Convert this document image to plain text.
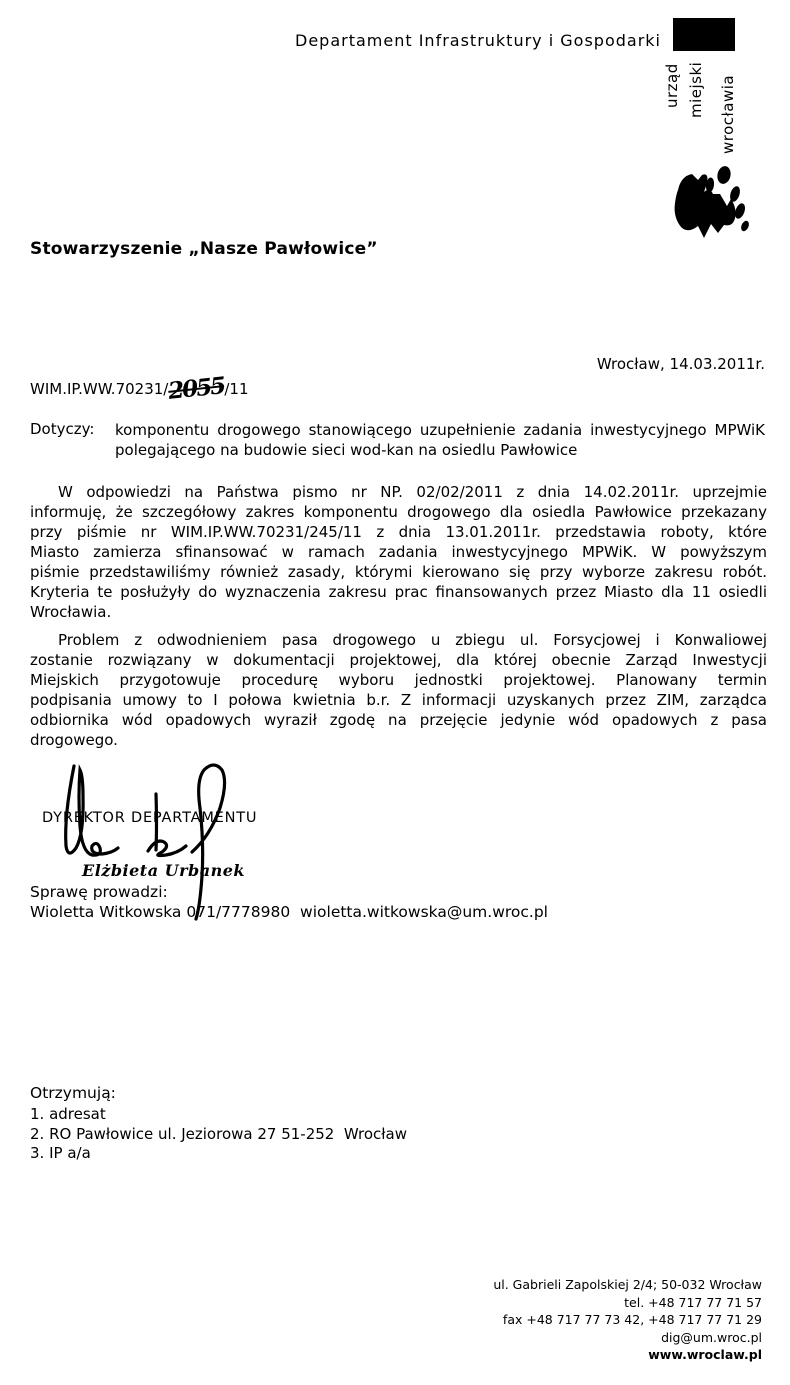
Departament Infrastruktury i Gospodarki
urząd miejski wrocławia
Stowarzyszenie „Nasze Pawłowice”
Wrocław, 14.03.2011r.
WIM.IP.WW.70231/2055/11
Dotyczy: komponentu drogowego stanowiącego uzupełnienie zadania inwestycyjnego MPWiK
polegającego na budowie sieci wod-kan na osiedlu Pawłowice
W odpowiedzi na Państwa pismo nr NP. 02/02/2011 z dnia 14.02.2011r. uprzejmie
informuję, że szczegółowy zakres komponentu drogowego dla osiedla Pawłowice przekazany
przy piśmie nr WIM.IP.WW.70231/245/11 z dnia 13.01.2011r. przedstawia roboty, które
Miasto zamierza sfinansować w ramach zadania inwestycyjnego MPWiK. W powyższym
piśmie przedstawiliśmy również zasady, którymi kierowano się przy wyborze zakresu robót.
Kryteria te posłużyły do wyznaczenia zakresu prac finansowanych przez Miasto dla 11 osiedli
Wrocławia.
Problem z odwodnieniem pasa drogowego u zbiegu ul. Forsycjowej i Konwaliowej
zostanie rozwiązany w dokumentacji projektowej, dla której obecnie Zarząd Inwestycji
Miejskich przygotowuje procedurę wyboru jednostki projektowej. Planowany termin
podpisania umowy to I połowa kwietnia b.r. Z informacji uzyskanych przez ZIM, zarządca
odbiornika wód opadowych wyraził zgodę na przejęcie jedynie wód opadowych z pasa
drogowego.
DYREKTOR DEPARTAMENTU
Elżbieta Urbanek
Sprawę prowadzi:
Wioletta Witkowska 071/7778980  wioletta.witkowska@um.wroc.pl
Otrzymują:
1. adresat
2. RO Pawłowice ul. Jeziorowa 27 51-252  Wrocław
3. IP a/a
ul. Gabrieli Zapolskiej 2/4; 50-032 Wrocław
tel. +48 717 77 71 57
fax +48 717 77 73 42, +48 717 77 71 29
dig@um.wroc.pl
www.wroclaw.pl
